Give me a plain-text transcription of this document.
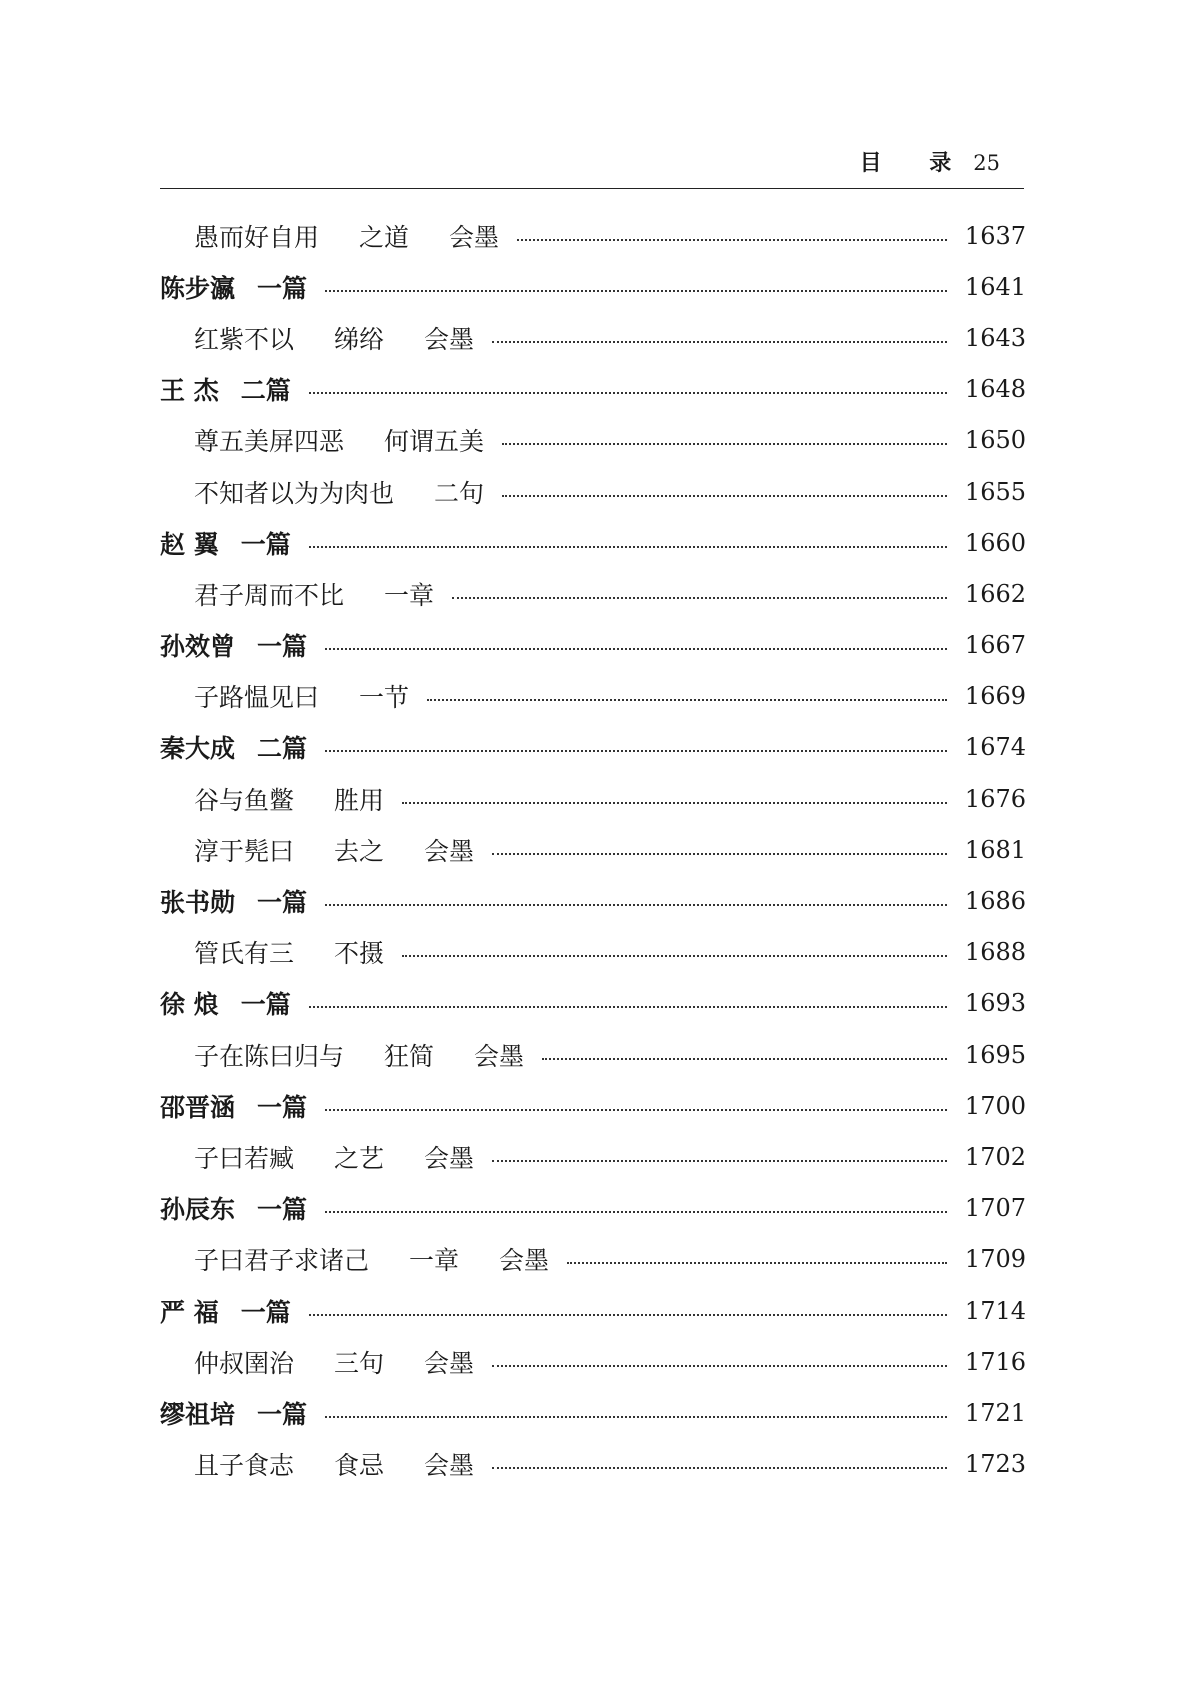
目 录 25
愚而好自用 之道 会墨	1637
陈步瀛 一篇	1641
红紫不以 绨绤 会墨	1643
王 杰 二篇	1648
尊五美屏四恶 何谓五美	1650
不知者以为为肉也 二句	1655
赵 翼 一篇	1660
君子周而不比 一章	1662
孙效曾 一篇	1667
子路愠见曰 一节	1669
秦大成 二篇	1674
谷与鱼鳖 胜用	1676
淳于髡曰 去之 会墨	1681
张书勋 一篇	1686
管氏有三 不摄	1688
徐 烺 一篇	1693
子在陈曰归与 狂简 会墨	1695
邵晋涵 一篇	1700
子曰若臧 之艺 会墨	1702
孙辰东 一篇	1707
子曰君子求诸己 一章 会墨	1709
严 福 一篇	1714
仲叔圉治 三句 会墨	1716
缪祖培 一篇	1721
且子食志 食忌 会墨	1723
